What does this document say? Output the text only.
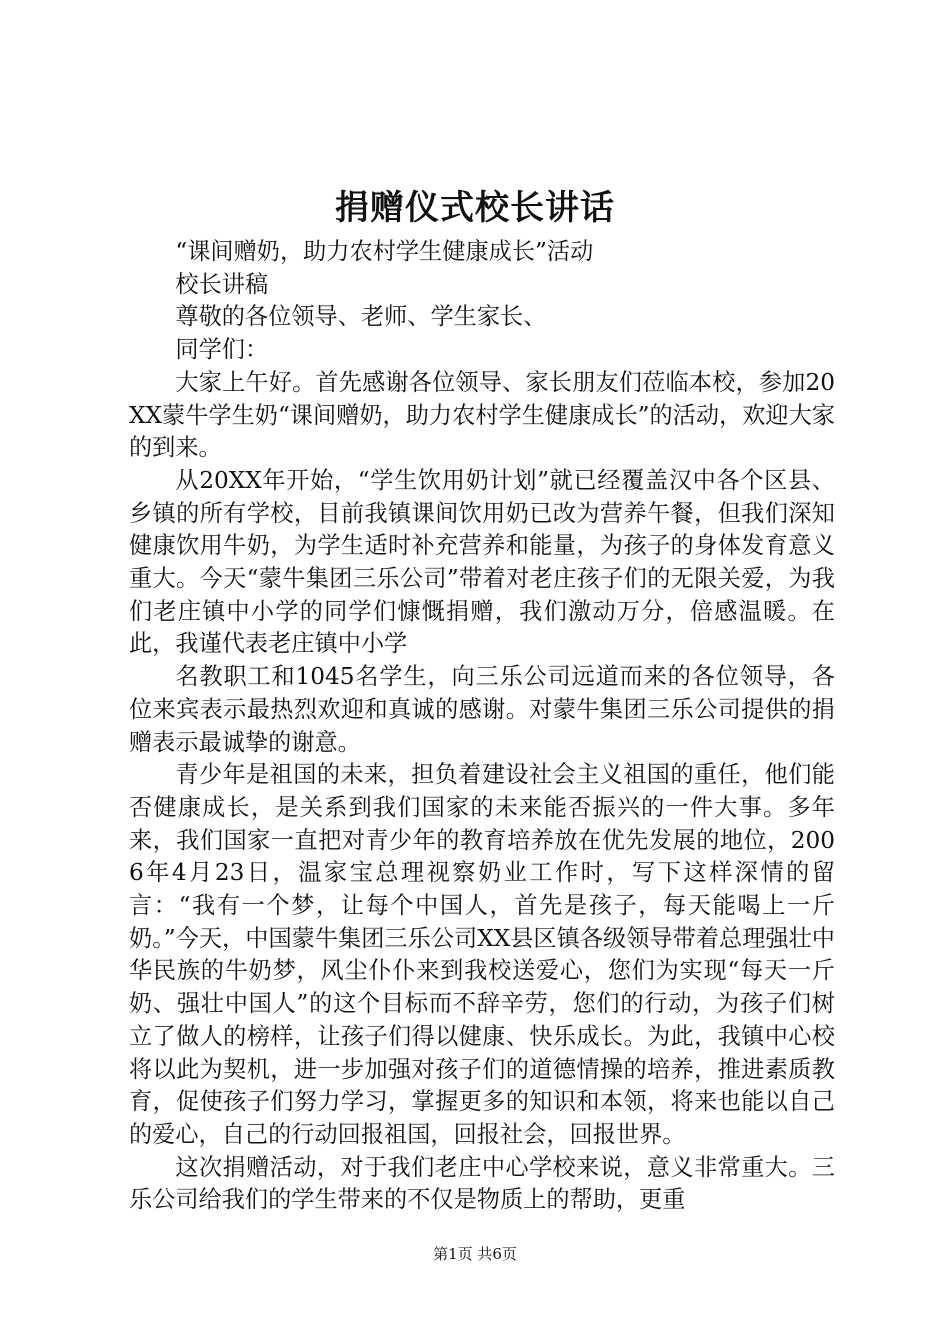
捐赠仪式校长讲话

“课间赠奶，助力农村学生健康成长”活动

校长讲稿

尊敬的各位领导、老师、学生家长、

同学们：

大家上午好。首先感谢各位领导、家长朋友们莅临本校，参加20XX蒙牛学生奶“课间赠奶，助力农村学生健康成长”的活动，欢迎大家的到来。

从20XX年开始，“学生饮用奶计划”就已经覆盖汉中各个区县、乡镇的所有学校，目前我镇课间饮用奶已改为营养午餐，但我们深知健康饮用牛奶，为学生适时补充营养和能量，为孩子的身体发育意义重大。今天“蒙牛集团三乐公司”带着对老庄孩子们的无限关爱，为我们老庄镇中小学的同学们慷慨捐赠，我们激动万分，倍感温暖。在此，我谨代表老庄镇中小学

名教职工和1045名学生，向三乐公司远道而来的各位领导，各位来宾表示最热烈欢迎和真诚的感谢。对蒙牛集团三乐公司提供的捐赠表示最诚挚的谢意。

青少年是祖国的未来，担负着建设社会主义祖国的重任，他们能否健康成长，是关系到我们国家的未来能否振兴的一件大事。多年来，我们国家一直把对青少年的教育培养放在优先发展的地位，2006年4月23日，温家宝总理视察奶业工作时，写下这样深情的留言：“我有一个梦，让每个中国人，首先是孩子，每天能喝上一斤奶。”今天，中国蒙牛集团三乐公司XX县区镇各级领导带着总理强壮中华民族的牛奶梦，风尘仆仆来到我校送爱心，您们为实现“每天一斤奶、强壮中国人”的这个目标而不辞辛劳，您们的行动，为孩子们树立了做人的榜样，让孩子们得以健康、快乐成长。为此，我镇中心校将以此为契机，进一步加强对孩子们的道德情操的培养，推进素质教育，促使孩子们努力学习，掌握更多的知识和本领，将来也能以自己的爱心，自己的行动回报祖国，回报社会，回报世界。

这次捐赠活动，对于我们老庄中心学校来说，意义非常重大。三乐公司给我们的学生带来的不仅是物质上的帮助，更重

第1页 共6页
